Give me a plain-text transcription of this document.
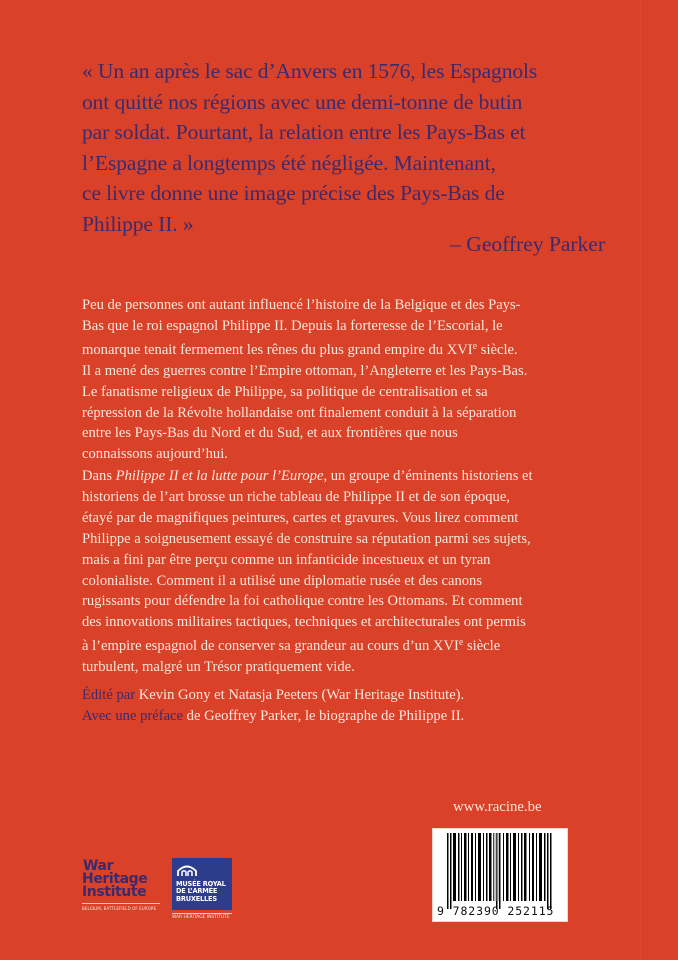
« Un an après le sac d’Anvers en 1576, les Espagnols
ont quitté nos régions avec une demi-tonne de butin
par soldat. Pourtant, la relation entre les Pays-Bas et
l’Espagne a longtemps été négligée. Maintenant,
ce livre donne une image précise des Pays-Bas de
Philippe II. »
– Geoffrey Parker
Peu de personnes ont autant influencé l’histoire de la Belgique et des Pays-
Bas que le roi espagnol Philippe II. Depuis la forteresse de l’Escorial, le
monarque tenait fermement les rênes du plus grand empire du XVIe siècle.
Il a mené des guerres contre l’Empire ottoman, l’Angleterre et les Pays-Bas.
Le fanatisme religieux de Philippe, sa politique de centralisation et sa
répression de la Révolte hollandaise ont finalement conduit à la séparation
entre les Pays-Bas du Nord et du Sud, et aux frontières que nous
connaissons aujourd’hui.
Dans Philippe II et la lutte pour l’Europe, un groupe d’éminents historiens et
historiens de l’art brosse un riche tableau de Philippe II et de son époque,
étayé par de magnifiques peintures, cartes et gravures. Vous lirez comment
Philippe a soigneusement essayé de construire sa réputation parmi ses sujets,
mais a fini par être perçu comme un infanticide incestueux et un tyran
colonialiste. Comment il a utilisé une diplomatie rusée et des canons
rugissants pour défendre la foi catholique contre les Ottomans. Et comment
des innovations militaires tactiques, techniques et architecturales ont permis
à l’empire espagnol de conserver sa grandeur au cours d’un XVIe siècle
turbulent, malgré un Trésor pratiquement vide.
Édité par Kevin Gony et Natasja Peeters (War Heritage Institute).
Avec une préface de Geoffrey Parker, le biographe de Philippe II.
www.racine.be
9 782390 252115
War
Heritage
Institute
BELGIUM, BATTLEFIELD OF EUROPE
MUSÉE ROYAL
DE L’ARMÉE
BRUXELLES
WAR HERITAGE INSTITUTE
